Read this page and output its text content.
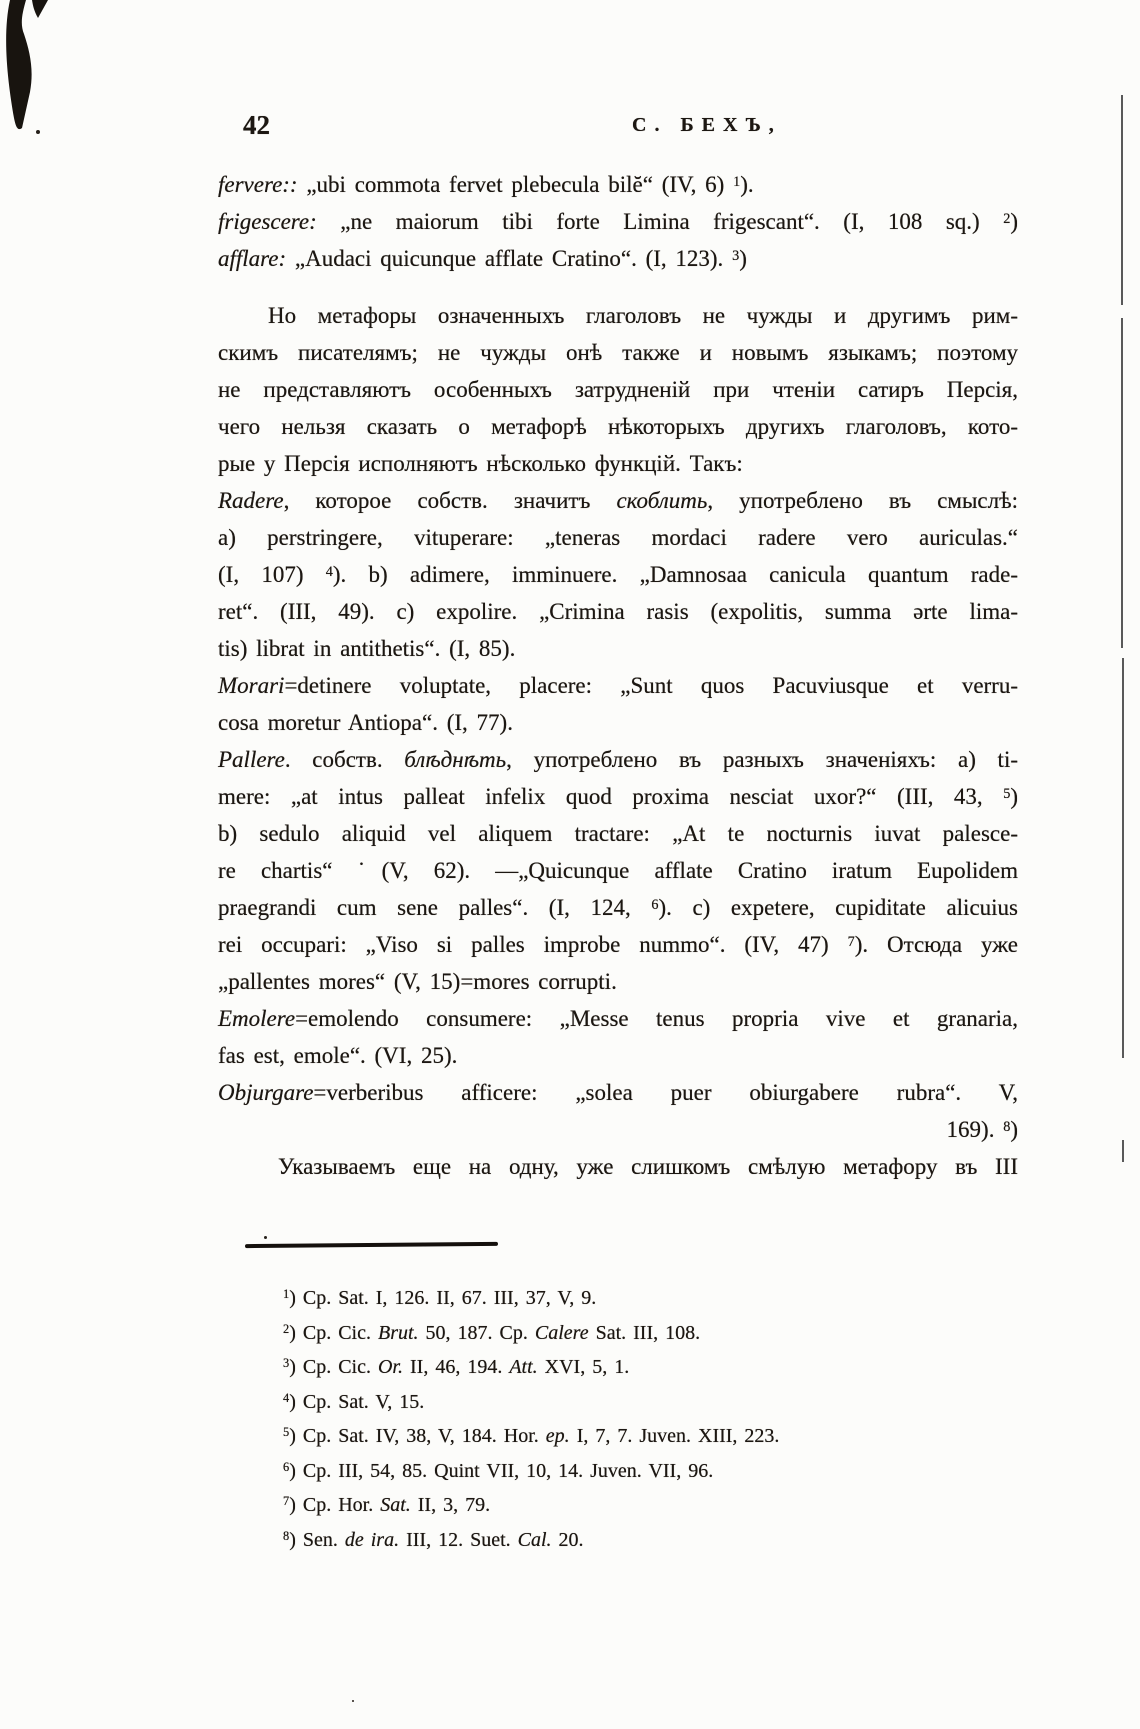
42	С. БЕХЪ,
fervere:: „ubi commota fervet plebecula bilĕ“ (IV, 6) $^1$).
frigescere: „ne maiorum tibi forte Limina frigescant“. (I, 108 sq.) $^2$)
afflare: „Audaci quicunque afflate Cratino“. (I, 123). $^3$)
Но метафоры означенныхъ глаголовъ не чужды и другимъ рим-
скимъ писателямъ; не чужды онѣ также и новымъ языкамъ; поэтому
не представляютъ особенныхъ затрудненій при чтеніи сатиръ Персія,
чего нельзя сказать о метафорѣ нѣкоторыхъ другихъ глаголовъ, кото-
рые у Персія исполняютъ нѣсколько функцій. Такъ:
Radere, которое собств. значитъ скоблить, употреблено въ смыслѣ:
a) perstringere, vituperare: „teneras mordaci radere vero auriculas.“
(I, 107) $^4$). b) adimere, imminuere. „Damnosaa canicula quantum rade-
ret“. (III, 49). c) expolire. „Crimina rasis (expolitis, summa ərte lima-
tis) librat in antithetis“. (I, 85).
Morari=detinere voluptate, placere: „Sunt quos Pacuviusque et verru-
cosa moretur Antiopa“. (I, 77).
Pallere. собств. блѣднѣть, употреблено въ разныхъ значеніяхъ: a) ti-
mere: „at intus palleat infelix quod proxima nesciat uxor?“ (III, 43, $^5$)
b) sedulo aliquid vel aliquem tractare: „At te nocturnis iuvat palesce-
re chartis“ ˙(V, 62). —„Quicunque afflate Cratino iratum Eupolidem
praegrandi cum sene palles“. (I, 124, $^6$). c) expetere, cupiditate alicuius
rei occupari: „Viso si palles improbe nummo“. (IV, 47) $^7$). Отсюда уже
„pallentes mores“ (V, 15)=mores corrupti.
Emolere=emolendo consumere: „Messe tenus propria vive et granaria,
fas est, emole“. (VI, 25).
Objurgare=verberibus afficere: „solea puer obiurgabere rubra“. V,
169). $^8$)
Указываемъ еще на одну, уже слишкомъ смѣлую метафору въ III
$^1$) Ср. Sat. I, 126. II, 67. III, 37, V, 9.
$^2$) Ср. Cic. Brut. 50, 187. Ср. Calere Sat. III, 108.
$^3$) Ср. Cic. Or. II, 46, 194. Att. XVI, 5, 1.
$^4$) Ср. Sat. V, 15.
$^5$) Ср. Sat. IV, 38, V, 184. Hor. ep. I, 7, 7. Juven. XIII, 223.
$^6$) Ср. III, 54, 85. Quint VII, 10, 14. Juven. VII, 96.
$^7$) Ср. Hor. Sat. II, 3, 79.
$^8$) Sen. de ira. III, 12. Suet. Cal. 20.
